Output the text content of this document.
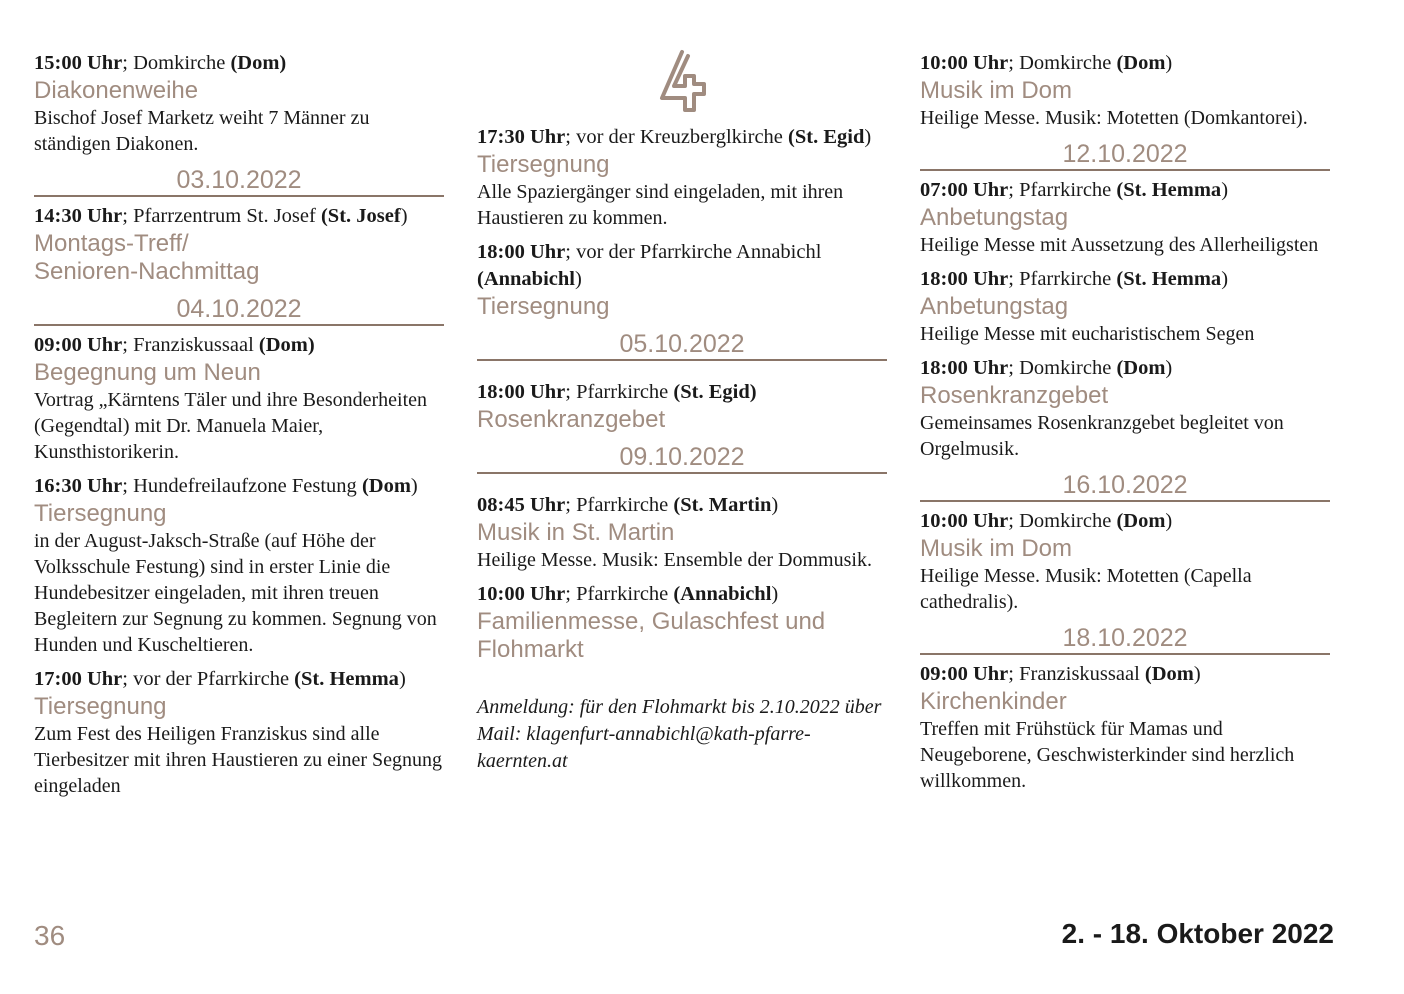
15:00 Uhr; Domkirche (Dom)
Diakonenweihe
Bischof Josef Marketz weiht 7 Männer zu ständigen Diakonen.
03.10.2022
14:30 Uhr; Pfarrzentrum St. Josef (St. Josef)
Montags-Treff/
Senioren-Nachmittag
04.10.2022
09:00 Uhr; Franziskussaal (Dom)
Begegnung um Neun
Vortrag „Kärntens Täler und ihre Besonderheiten (Gegendtal) mit Dr. Manuela Maier, Kunsthistorikerin.
16:30 Uhr; Hundefreilaufzone Festung (Dom)
Tiersegnung
in der August-Jaksch-Straße (auf Höhe der Volksschule Festung) sind in erster Linie die Hundebesitzer eingeladen, mit ihren treuen Begleitern zur Segnung zu kommen. Segnung von Hunden und Kuscheltieren.
17:00 Uhr; vor der Pfarrkirche (St. Hemma)
Tiersegnung
Zum Fest des Heiligen Franziskus sind alle Tierbesitzer mit ihren Haustieren zu einer Segnung eingeladen
17:30 Uhr; vor der Kreuzberglkirche (St. Egid)
Tiersegnung
Alle Spaziergänger sind eingeladen, mit ihren Haustieren zu kommen.
18:00 Uhr; vor der Pfarrkirche Annabichl (Annabichl)
Tiersegnung
05.10.2022
18:00 Uhr; Pfarrkirche (St. Egid)
Rosenkranzgebet
09.10.2022
08:45 Uhr; Pfarrkirche (St. Martin)
Musik in St. Martin
Heilige Messe. Musik: Ensemble der Dommusik.
10:00 Uhr; Pfarrkirche (Annabichl)
Familienmesse, Gulaschfest und Flohmarkt
Anmeldung: für den Flohmarkt bis 2.10.2022 über Mail: klagenfurt-annabichl@kath-pfarre-kaernten.at
10:00 Uhr; Domkirche (Dom)
Musik im Dom
Heilige Messe. Musik: Motetten (Domkantorei).
12.10.2022
07:00 Uhr; Pfarrkirche (St. Hemma)
Anbetungstag
Heilige Messe mit Aussetzung des Allerheiligsten
18:00 Uhr; Pfarrkirche (St. Hemma)
Anbetungstag
Heilige Messe mit eucharistischem Segen
18:00 Uhr; Domkirche (Dom)
Rosenkranzgebet
Gemeinsames Rosenkranzgebet begleitet von Orgelmusik.
16.10.2022
10:00 Uhr; Domkirche (Dom)
Musik im Dom
Heilige Messe. Musik: Motetten (Capella cathedralis).
18.10.2022
09:00 Uhr; Franziskussaal (Dom)
Kirchenkinder
Treffen mit Frühstück für Mamas und Neugeborene, Geschwisterkinder sind herzlich willkommen.
36	2. - 18. Oktober 2022
